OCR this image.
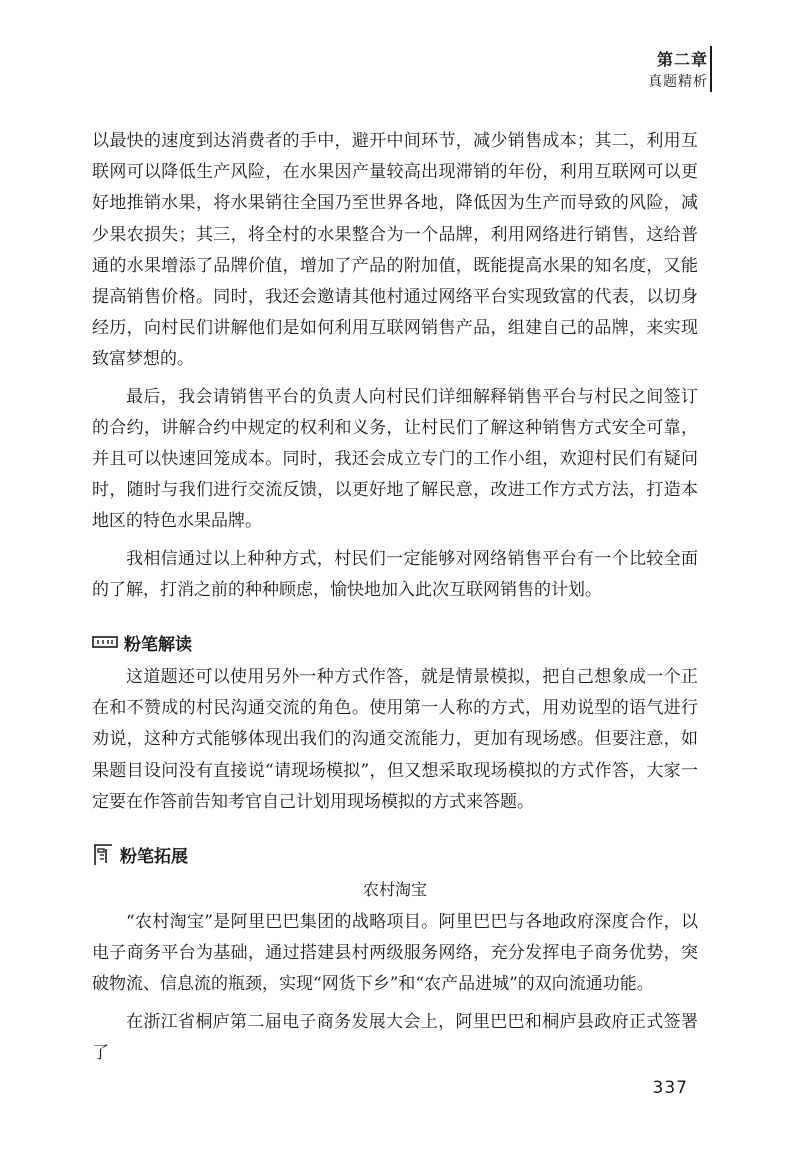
第二章
真题精析

以最快的速度到达消费者的手中，避开中间环节，减少销售成本；其二，利用互联网可以降低生产风险，在水果因产量较高出现滞销的年份，利用互联网可以更好地推销水果，将水果销往全国乃至世界各地，降低因为生产而导致的风险，减少果农损失；其三，将全村的水果整合为一个品牌，利用网络进行销售，这给普通的水果增添了品牌价值，增加了产品的附加值，既能提高水果的知名度，又能提高销售价格。同时，我还会邀请其他村通过网络平台实现致富的代表，以切身经历，向村民们讲解他们是如何利用互联网销售产品，组建自己的品牌，来实现致富梦想的。

最后，我会请销售平台的负责人向村民们详细解释销售平台与村民之间签订的合约，讲解合约中规定的权利和义务，让村民们了解这种销售方式安全可靠，并且可以快速回笼成本。同时，我还会成立专门的工作小组，欢迎村民们有疑问时，随时与我们进行交流反馈，以更好地了解民意，改进工作方式方法，打造本地区的特色水果品牌。

我相信通过以上种种方式，村民们一定能够对网络销售平台有一个比较全面的了解，打消之前的种种顾虑，愉快地加入此次互联网销售的计划。

粉笔解读

这道题还可以使用另外一种方式作答，就是情景模拟，把自己想象成一个正在和不赞成的村民沟通交流的角色。使用第一人称的方式，用劝说型的语气进行劝说，这种方式能够体现出我们的沟通交流能力，更加有现场感。但要注意，如果题目设问没有直接说“请现场模拟”，但又想采取现场模拟的方式作答，大家一定要在作答前告知考官自己计划用现场模拟的方式来答题。

粉笔拓展
农村淘宝

“农村淘宝”是阿里巴巴集团的战略项目。阿里巴巴与各地政府深度合作，以电子商务平台为基础，通过搭建县村两级服务网络，充分发挥电子商务优势，突破物流、信息流的瓶颈，实现“网货下乡”和“农产品进城”的双向流通功能。

在浙江省桐庐第二届电子商务发展大会上，阿里巴巴和桐庐县政府正式签署了

337
